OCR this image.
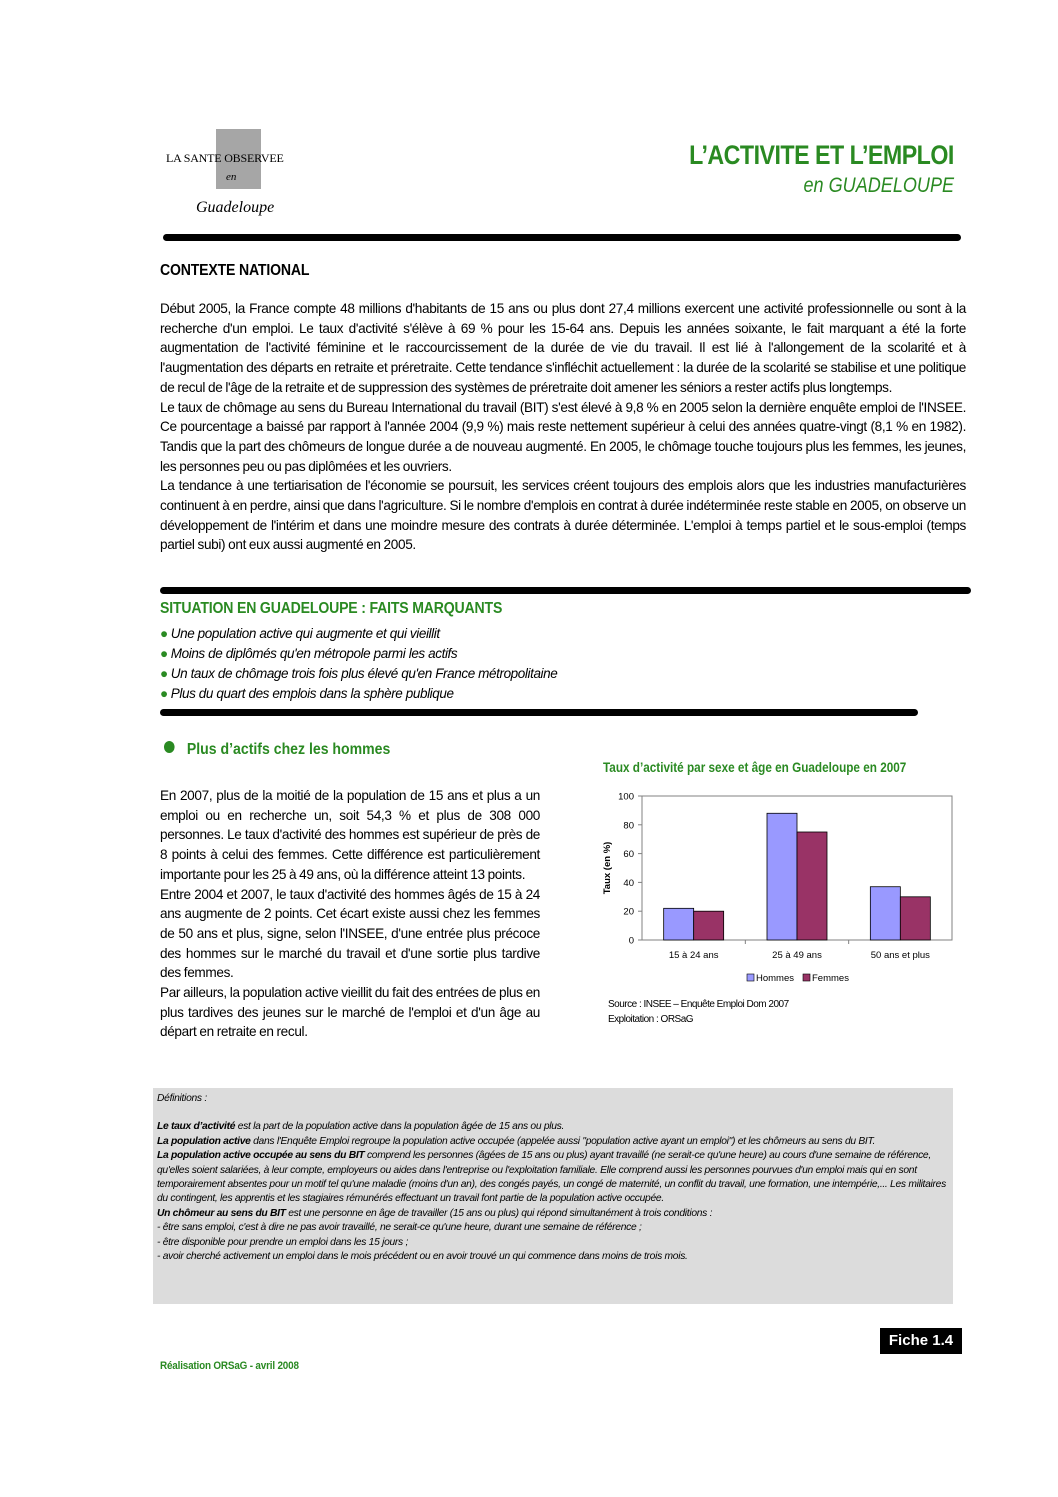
LA SANTE OBSERVEE
en
Guadeloupe
L’ACTIVITE ET L’EMPLOI
en GUADELOUPE
CONTEXTE NATIONAL

Début 2005, la France compte 48 millions d'habitants de 15 ans ou plus dont 27,4 millions exercent une activité professionnelle ou sont à la recherche d'un emploi. Le taux d'activité s'élève à 69 % pour les 15-64 ans. Depuis les années soixante, le fait marquant a été la forte augmentation de l'activité féminine et le raccourcissement de la durée de vie du travail. Il est lié à l'allongement de la scolarité et à l'augmentation des départs en retraite et préretraite. Cette tendance s'infléchit actuellement : la durée de la scolarité se stabilise et une politique de recul de l'âge de la retraite et de suppression des systèmes de préretraite doit amener les séniors a rester actifs plus longtemps.

Le taux de chômage au sens du Bureau International du travail (BIT) s'est élevé à 9,8 % en 2005 selon la dernière enquête emploi de l'INSEE. Ce pourcentage a baissé par rapport à l'année 2004 (9,9 %) mais reste nettement supérieur à celui des années quatre-vingt (8,1 % en 1982). Tandis que la part des chômeurs de longue durée a de nouveau augmenté. En 2005, le chômage touche toujours plus les femmes, les jeunes, les personnes peu ou pas diplômées et les ouvriers.

La tendance à une tertiarisation de l'économie se poursuit, les services créent toujours des emplois alors que les industries manufacturières continuent à en perdre, ainsi que dans l'agriculture. Si le nombre d'emplois en contrat à durée indéterminée reste stable en 2005, on observe un développement de l'intérim et dans une moindre mesure des contrats à durée déterminée. L'emploi à temps partiel et le sous-emploi (temps partiel subi) ont eux aussi augmenté en 2005.

SITUATION EN GUADELOUPE : FAITS MARQUANTS
● Une population active qui augmente et qui vieillit
● Moins de diplômés qu'en métropole parmi les actifs
● Un taux de chômage trois fois plus élevé qu'en France métropolitaine
● Plus du quart des emplois dans la sphère publique
Plus d’actifs chez les hommes

En 2007, plus de la moitié de la population de 15 ans et plus a un emploi ou en recherche un, soit 54,3 % et plus de 308 000 personnes. Le taux d'activité des hommes est supérieur de près de 8 points à celui des femmes. Cette différence est particulièrement importante pour les 25 à 49 ans, où la différence atteint 13 points.

Entre 2004 et 2007, le taux d'activité des hommes âgés de 15 à 24 ans augmente de 2 points. Cet écart existe aussi chez les femmes de 50 ans et plus, signe, selon l'INSEE, d'une entrée plus précoce des hommes sur le marché du travail et d'une sortie plus tardive des femmes.

Par ailleurs, la population active vieillit du fait des entrées de plus en plus tardives des jeunes sur le marché de l'emploi et d'un âge au départ en retraite en recul.

Taux d’activité par sexe et âge en Guadeloupe en 2007
0
20
40
60
80
100
Taux (en %)
15 à 24 ans	25 à 49 ans	50 ans et plus
Hommes Femmes
Source : INSEE – Enquête Emploi Dom 2007
Exploitation : ORSaG

Définitions :

Le taux d’activité est la part de la population active dans la population âgée de 15 ans ou plus.

La population active dans l'Enquête Emploi regroupe la population active occupée (appelée aussi "population active ayant un emploi") et les chômeurs au sens du BIT.

La population active occupée au sens du BIT comprend les personnes (âgées de 15 ans ou plus) ayant travaillé (ne serait-ce qu'une heure) au cours d'une semaine de référence, qu'elles soient salariées, à leur compte, employeurs ou aides dans l'entreprise ou l'exploitation familiale. Elle comprend aussi les personnes pourvues d'un emploi mais qui en sont temporairement absentes pour un motif tel qu'une maladie (moins d'un an), des congés payés, un congé de maternité, un conflit du travail, une formation, une intempérie,... Les militaires du contingent, les apprentis et les stagiaires rémunérés effectuant un travail font partie de la population active occupée.

Un chômeur au sens du BIT est une personne en âge de travailler (15 ans ou plus) qui répond simultanément à trois conditions :

- être sans emploi, c'est à dire ne pas avoir travaillé, ne serait-ce qu'une heure, durant une semaine de référence ;

- être disponible pour prendre un emploi dans les 15 jours ;

- avoir cherché activement un emploi dans le mois précédent ou en avoir trouvé un qui commence dans moins de trois mois.

Fiche 1.4
Réalisation ORSaG - avril 2008
